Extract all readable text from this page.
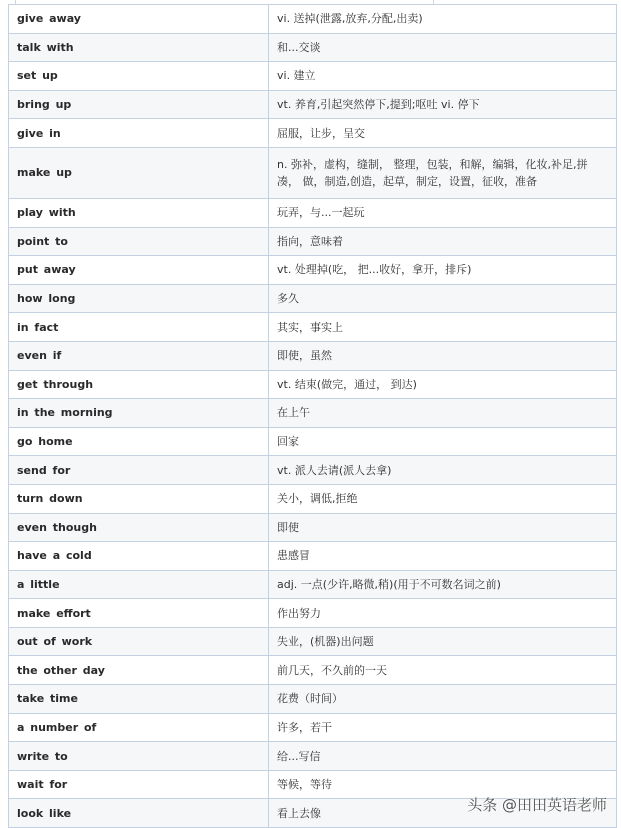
give away	vi. 送掉(泄露,放弃,分配,出卖)
talk with	和...交谈
set up	vi. 建立
bring up	vt. 养育,引起突然停下,提到;呕吐 vi. 停下
give in	屈服，让步，呈交
make up	n. 弥补，虚构，缝制， 整理，包装，和解，编辑，化妆,补足,拼凑， 做，制造,创造，起草，制定，设置，征收，准备
play with	玩弄，与...一起玩
point to	指向，意味着
put away	vt. 处理掉(吃， 把...收好，拿开，排斥)
how long	多久
in fact	其实，事实上
even if	即使，虽然
get through	vt. 结束(做完，通过， 到达)
in the morning	在上午
go home	回家
send for	vt. 派人去请(派人去拿)
turn down	关小，调低,拒绝
even though	即使
have a cold	患感冒
a little	adj. 一点(少许,略微,稍)(用于不可数名词之前)
make effort	作出努力
out of work	失业，(机器)出问题
the other day	前几天，不久前的一天
take time	花费（时间）
a number of	许多，若干
write to	给...写信
wait for	等候，等待
look like	看上去像	头条 @田田英语老师
